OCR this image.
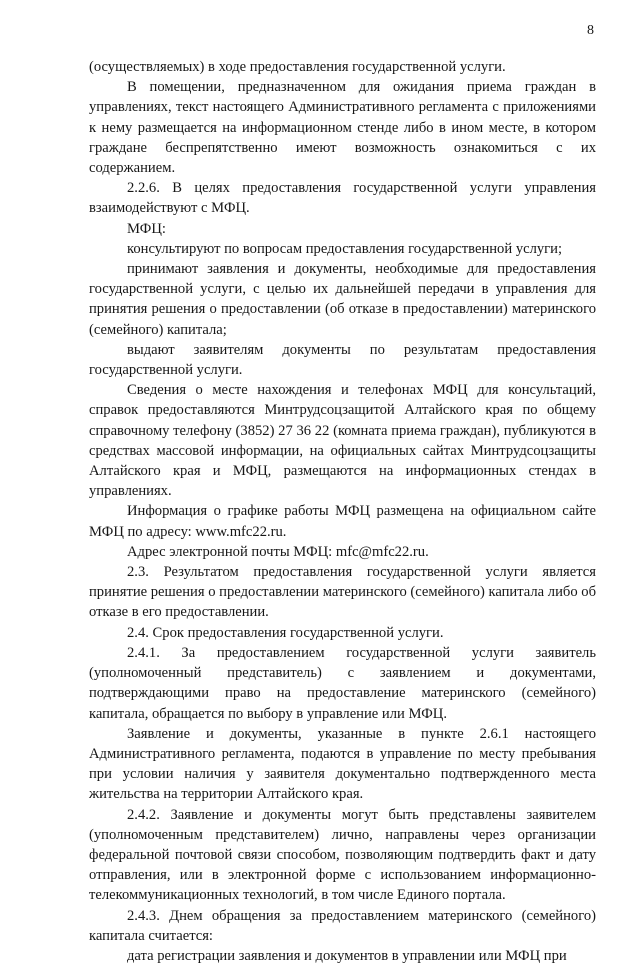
8

(осуществляемых) в ходе предоставления государственной услуги.

В помещении, предназначенном для ожидания приема граждан в управлениях, текст настоящего Административного регламента с приложениями к нему размещается на информационном стенде либо в ином месте, в котором граждане беспрепятственно имеют возможность ознакомиться с их содержанием.

2.2.6. В целях предоставления государственной услуги управления взаимодействуют с МФЦ.

МФЦ:

консультируют по вопросам предоставления государственной услуги;

принимают заявления и документы, необходимые для предоставления государственной услуги, с целью их дальнейшей передачи в управления для принятия решения о предоставлении (об отказе в предоставлении) материнского (семейного) капитала;

выдают заявителям документы по результатам предоставления государственной услуги.

Сведения о месте нахождения и телефонах МФЦ для консультаций, справок предоставляются Минтрудсоцзащитой Алтайского края по общему справочному телефону (3852) 27 36 22 (комната приема граждан), публикуются в средствах массовой информации, на официальных сайтах Минтрудсоцзащиты Алтайского края и МФЦ, размещаются на информационных стендах в управлениях.

Информация о графике работы МФЦ размещена на официальном сайте МФЦ по адресу: www.mfc22.ru.

Адрес электронной почты МФЦ: mfc@mfc22.ru.

2.3. Результатом предоставления государственной услуги является принятие решения о предоставлении материнского (семейного) капитала либо об отказе в его предоставлении.

2.4. Срок предоставления государственной услуги.

2.4.1. За предоставлением государственной услуги заявитель (уполномоченный представитель) с заявлением и документами, подтверждающими право на предоставление материнского (семейного) капитала, обращается по выбору в управление или МФЦ.

Заявление и документы, указанные в пункте 2.6.1 настоящего Административного регламента, подаются в управление по месту пребывания при условии наличия у заявителя документально подтвержденного места жительства на территории Алтайского края.

2.4.2. Заявление и документы могут быть представлены заявителем (уполномоченным представителем) лично, направлены через организации федеральной почтовой связи способом, позволяющим подтвердить факт и дату отправления, или в электронной форме с использованием информационно-телекоммуникационных технологий, в том числе Единого портала.

2.4.3. Днем обращения за предоставлением материнского (семейного) капитала считается:

дата регистрации заявления и документов в управлении или МФЦ при
